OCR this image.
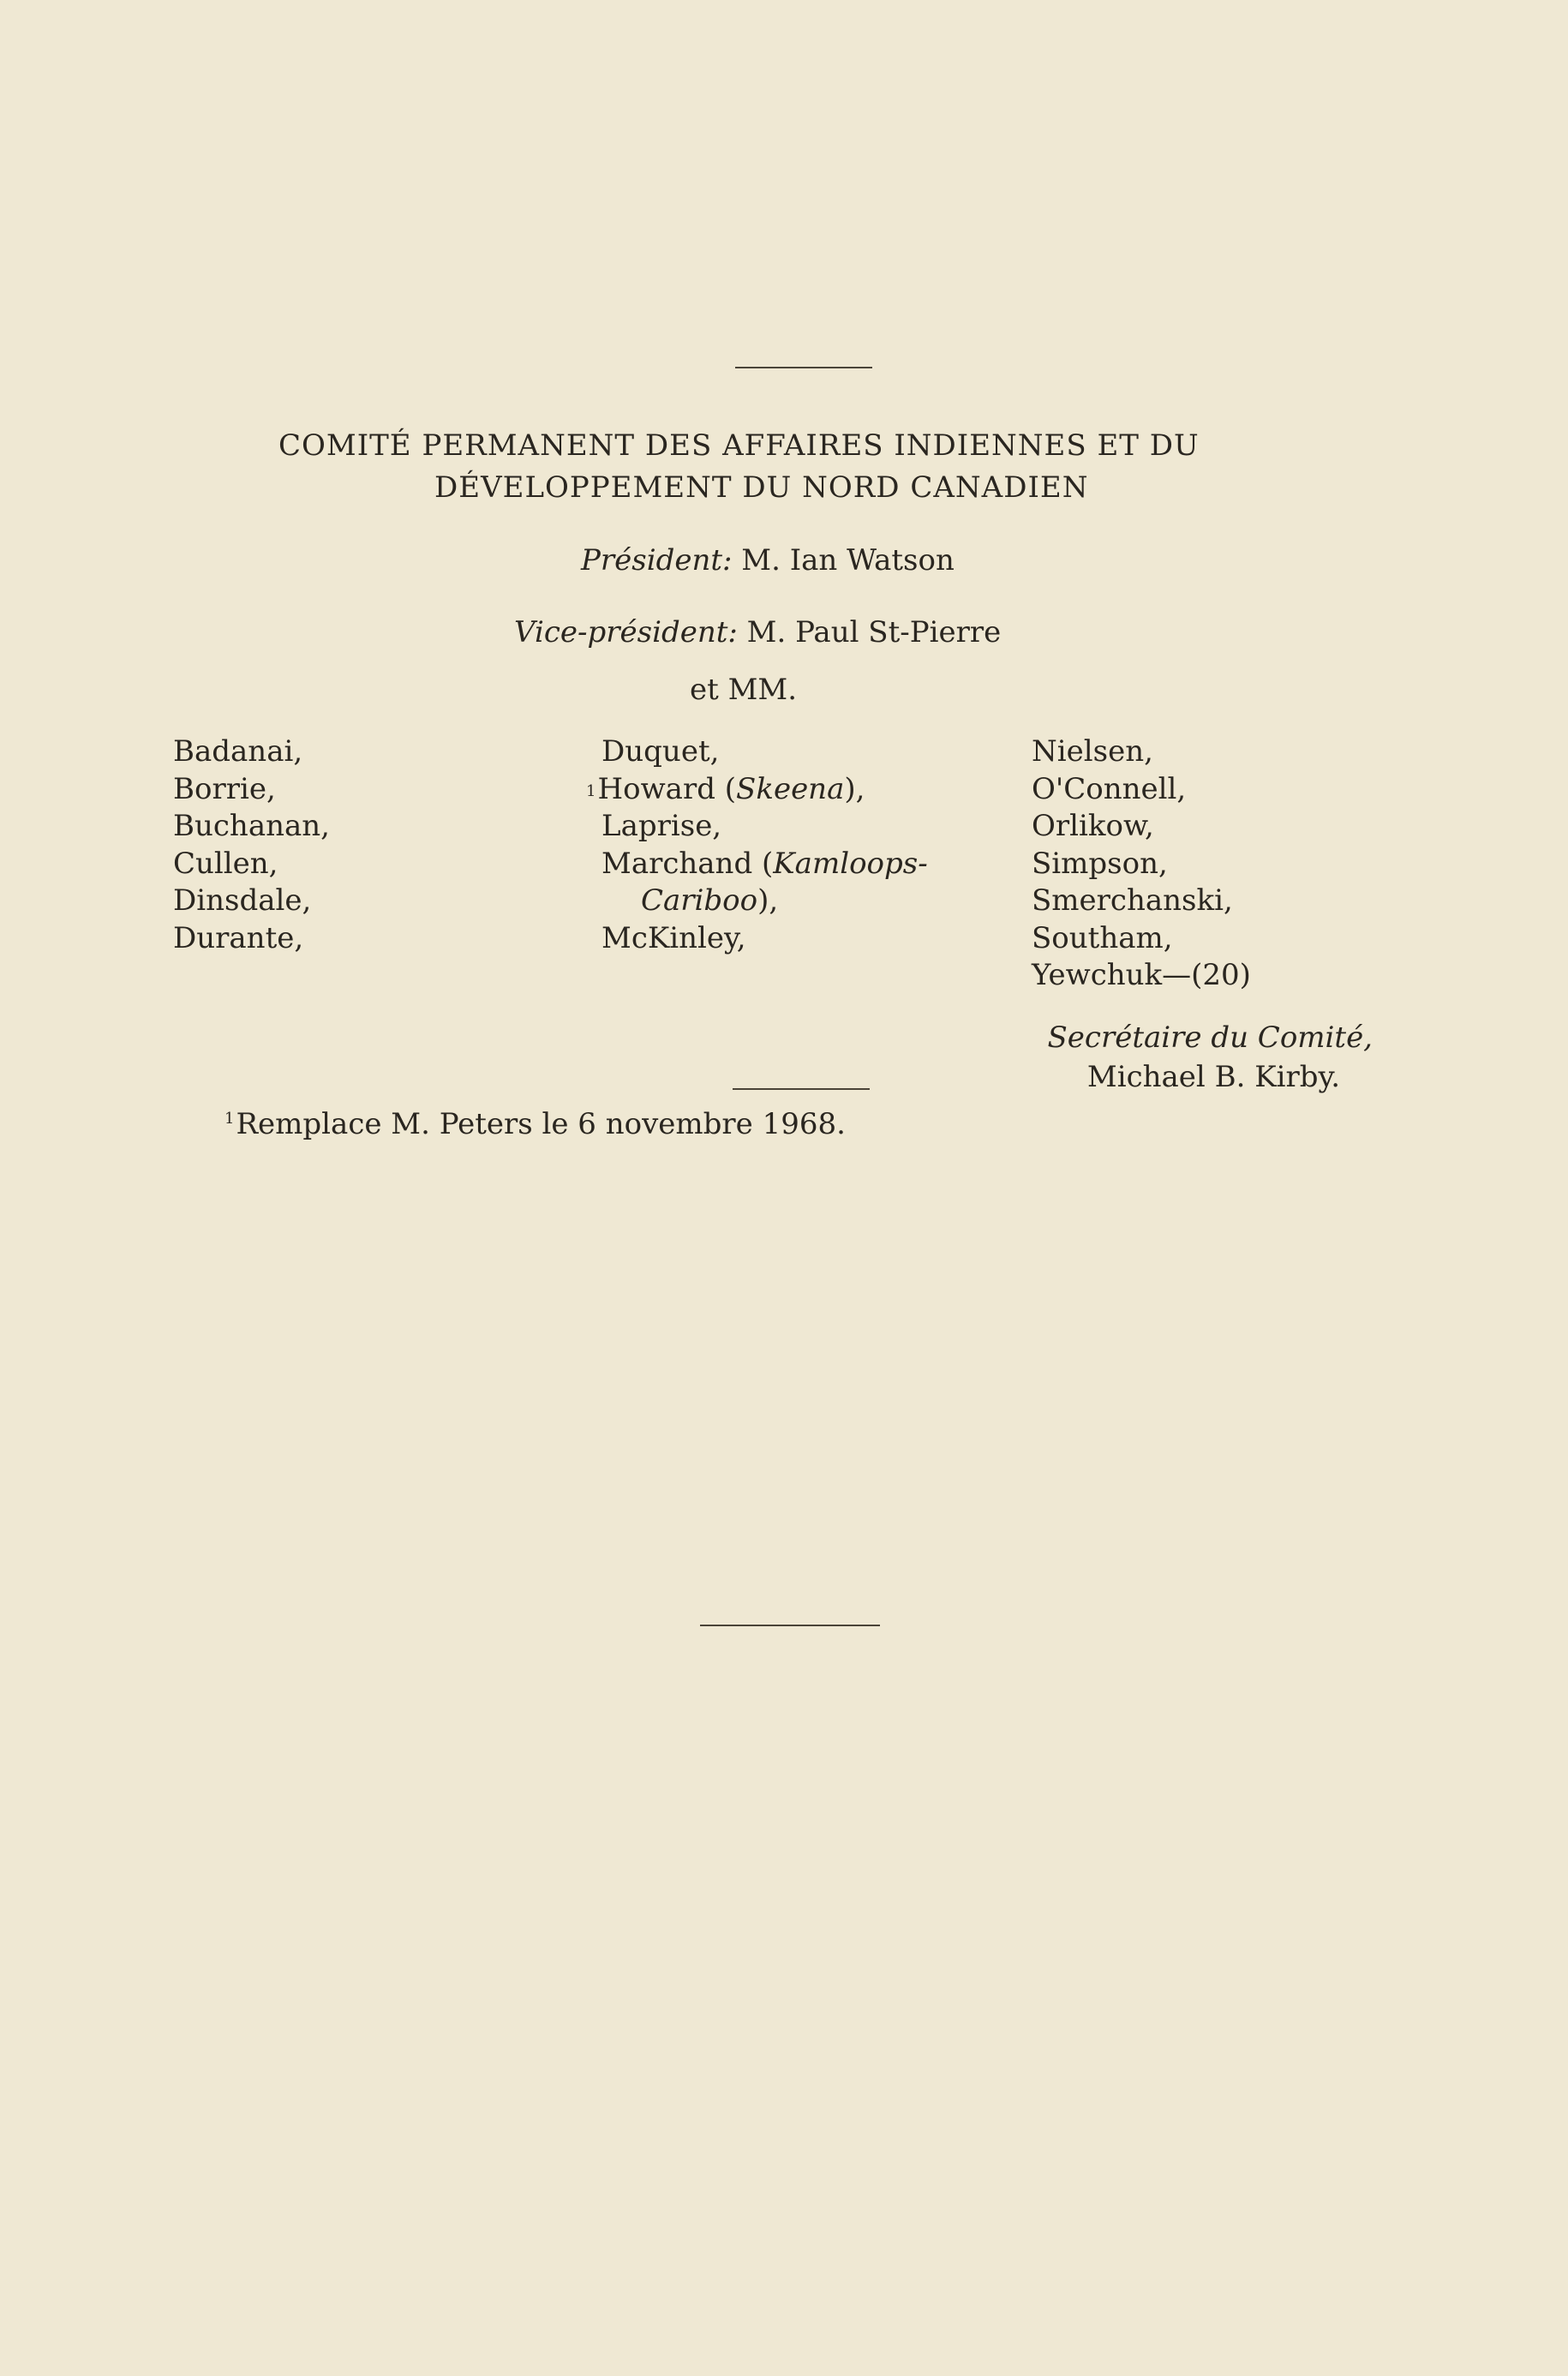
COMITÉ PERMANENT DES AFFAIRES INDIENNES ET DU
DÉVELOPPEMENT DU NORD CANADIEN
Président: M. Ian Watson
Vice-président: M. Paul St-Pierre
et MM.
Badanai,
Borrie,
Buchanan,
Cullen,
Dinsdale,
Durante,
Duquet,
$^1$Howard (Skeena),
Laprise,
Marchand (Kamloops-
Cariboo),
McKinley,
Nielsen,
O'Connell,
Orlikow,
Simpson,
Smerchanski,
Southam,
Yewchuk—(20)
Secrétaire du Comité,
Michael B. Kirby.
$^1$Remplace M. Peters le 6 novembre 1968.
